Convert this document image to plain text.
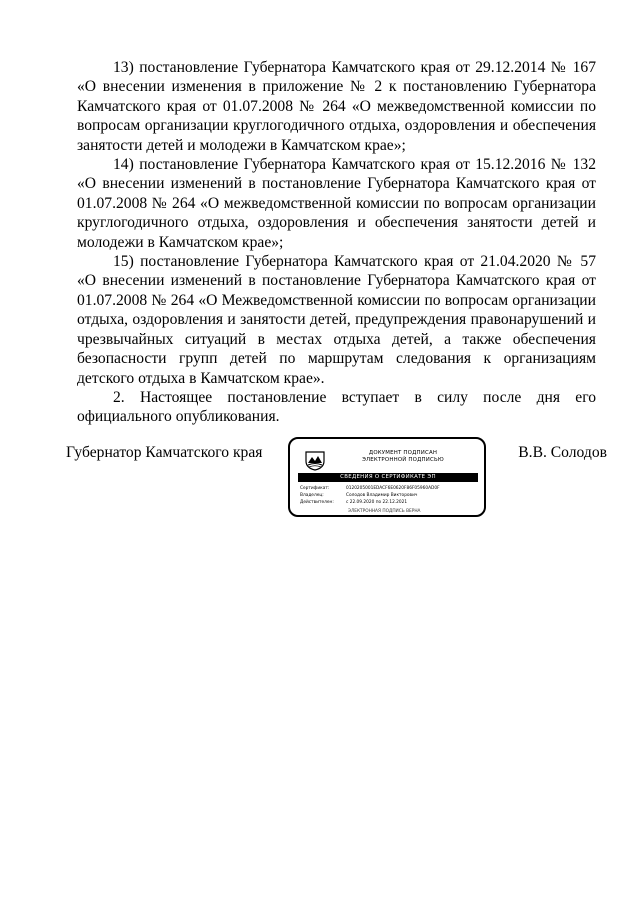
13) постановление Губернатора Камчатского края от 29.12.2014 № 167 «О внесении изменения в приложение № 2 к постановлению Губернатора Камчатского края от 01.07.2008 № 264 «О межведомственной комиссии по вопросам организации круглогодичного отдыха, оздоровления и обеспечения занятости детей и молодежи в Камчатском крае»;

14) постановление Губернатора Камчатского края от 15.12.2016 № 132 «О внесении изменений в постановление Губернатора Камчатского края от 01.07.2008 № 264 «О межведомственной комиссии по вопросам организации круглогодичного отдыха, оздоровления и обеспечения занятости детей и молодежи в Камчатском крае»;

15) постановление Губернатора Камчатского края от 21.04.2020 № 57 «О внесении изменений в постановление Губернатора Камчатского края от 01.07.2008 № 264 «О Межведомственной комиссии по вопросам организации отдыха, оздоровления и занятости детей, предупреждения правонарушений и чрезвычайных ситуаций в местах отдыха детей, а также обеспечения безопасности групп детей по маршрутам следования к организациям детского отдыха в Камчатском крае».

2. Настоящее постановление вступает в силу после дня его официального опубликования.

Губернатор Камчатского края	В.В. Солодов
ДОКУМЕНТ ПОДПИСАН
ЭЛЕКТРОННОЙ ПОДПИСЬЮ
СВЕДЕНИЯ О СЕРТИФИКАТЕ ЭП
Сертификат:	0120205001EDACF6E0620F86F05960AD0F
Владелец:	Солодов Владимир Викторович
Действителен:	с 22.09.2020 по 22.12.2021
ЭЛЕКТРОННАЯ ПОДПИСЬ ВЕРНА
